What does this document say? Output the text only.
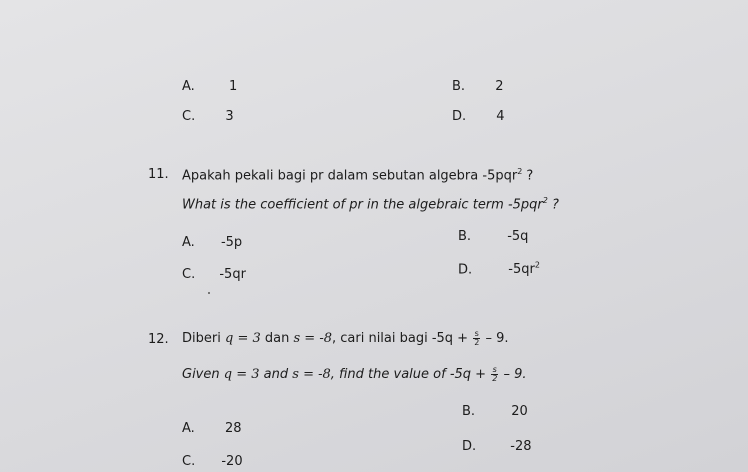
A.	1	B. 2
C. 3	D. 4
11. Apakah pekali bagi pr dalam sebutan algebra -5pqr$^2$ ?
What is the coefficient of pr in the algebraic term -5pqr$^2$ ?
A. -5p	B.	-5q
C. -5qr	D.	$-5qr^2$
12. Diberi q = 3 dan s = -8, cari nilai bagi $-5q + \frac{s}{2} - 9$.
Given q = 3 and s = -8, find the value of $-5q + \frac{s}{2} - 9$.
A. 28
B.	20
C. -20
D.	-28
